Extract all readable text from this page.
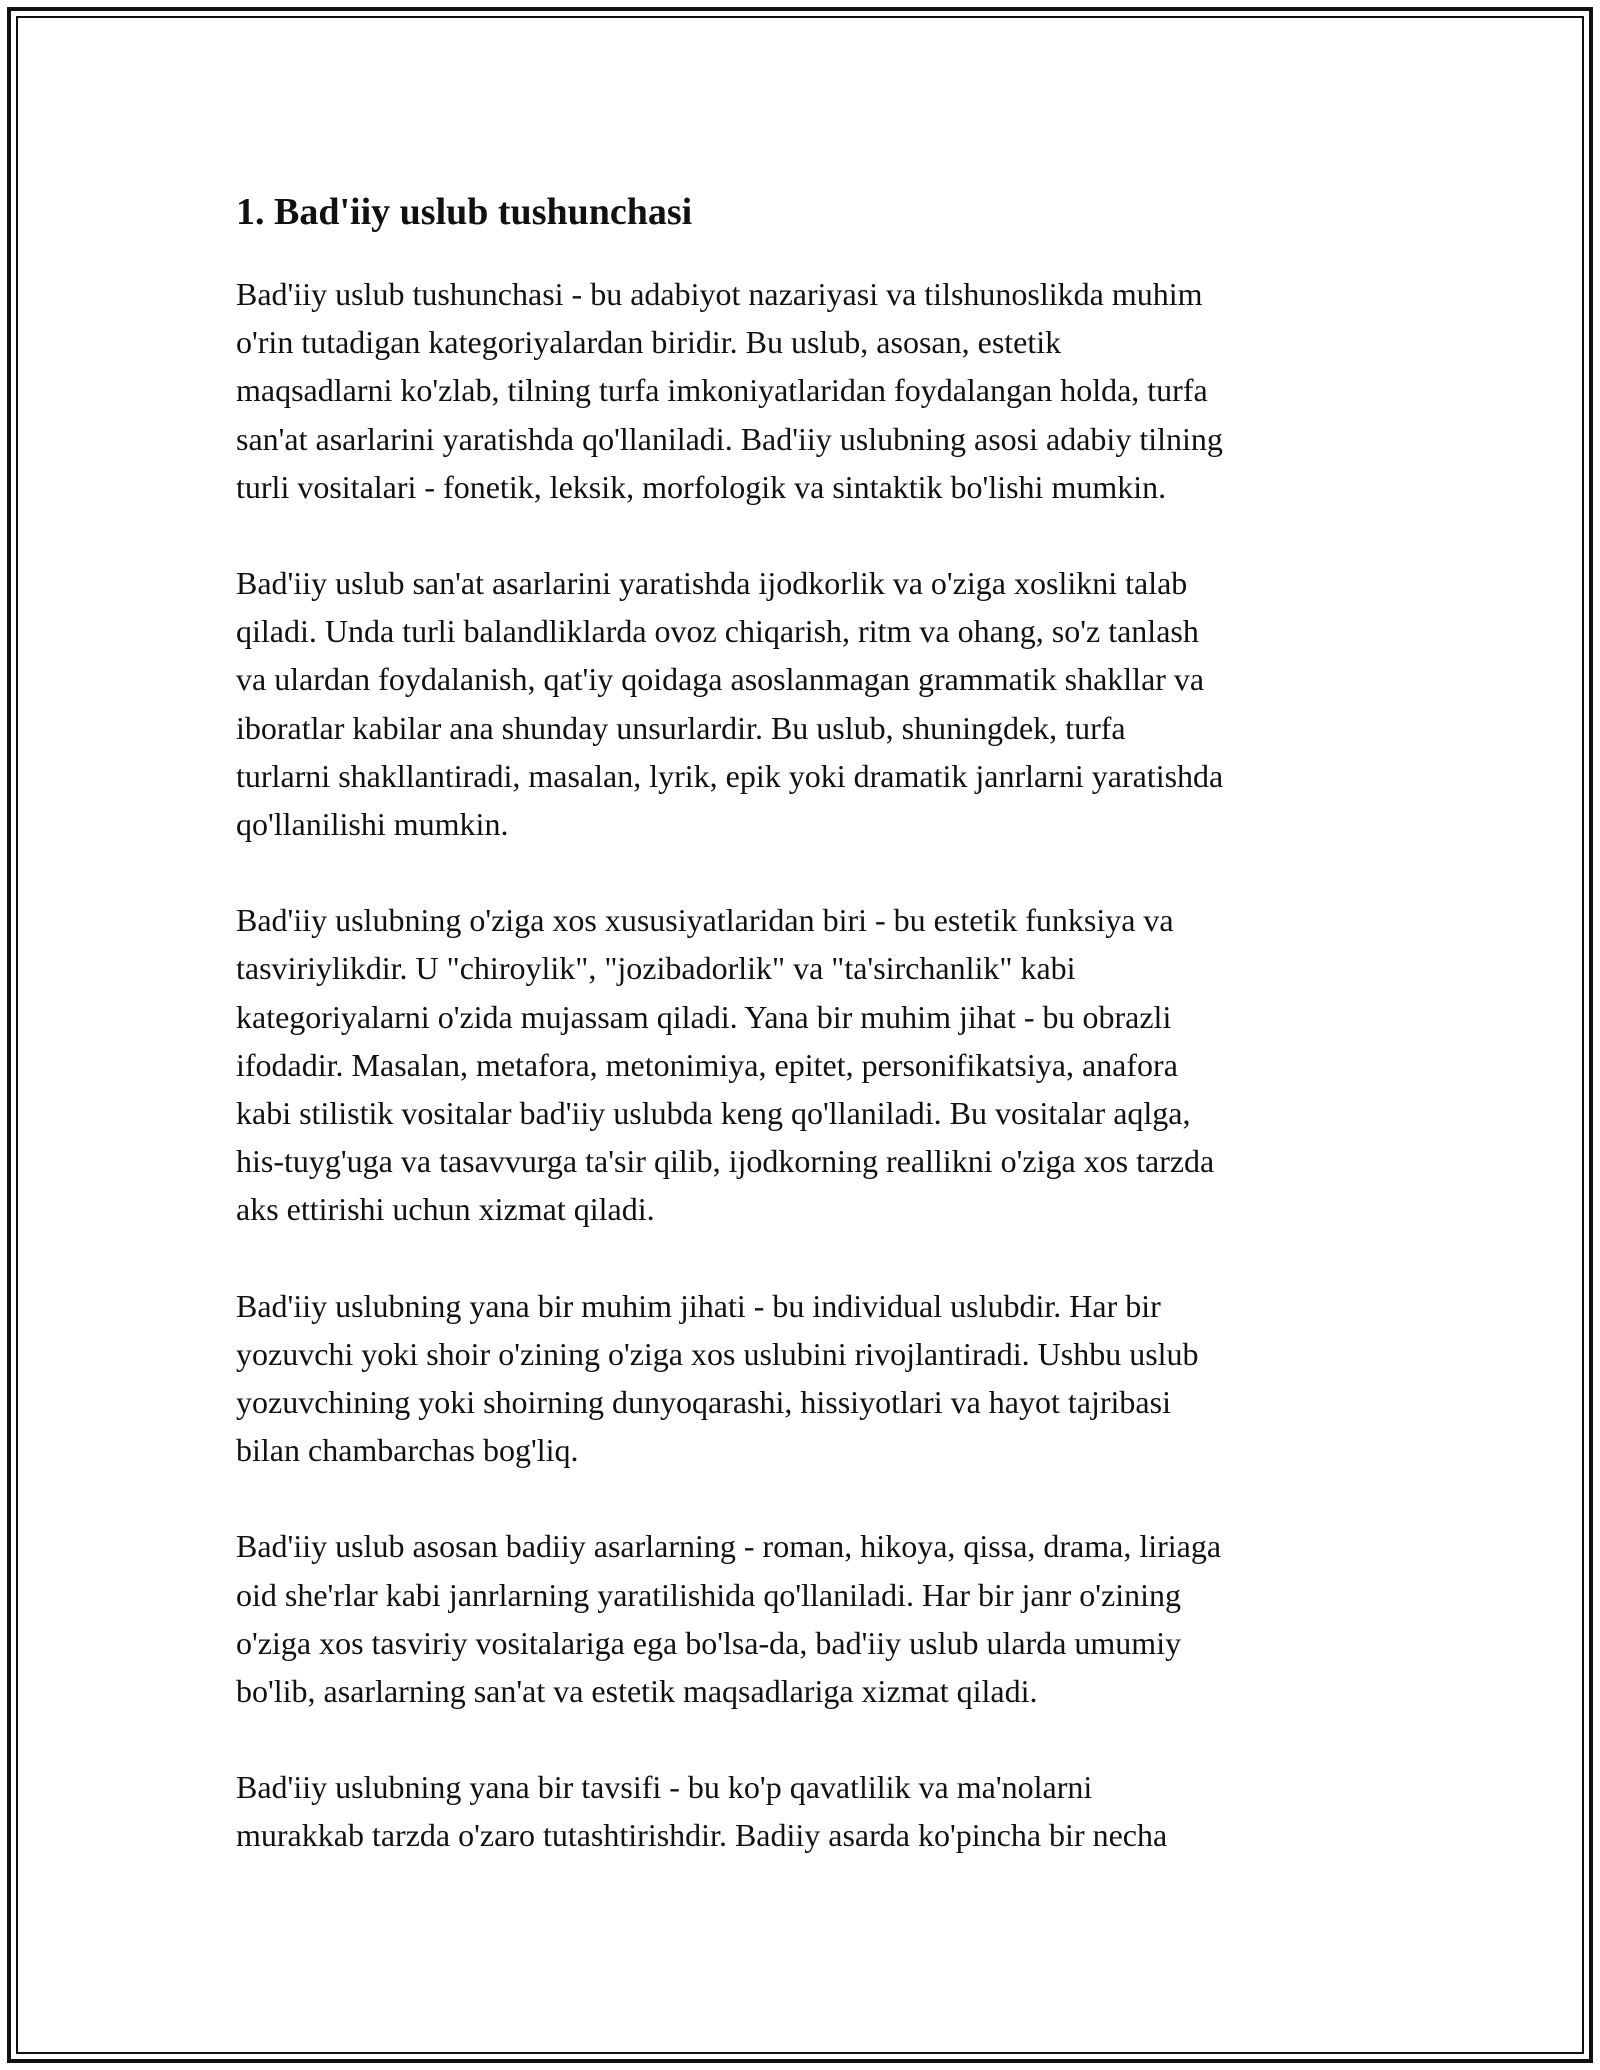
1. Bad'iiy uslub tushunchasi

Bad'iiy uslub tushunchasi - bu adabiyot nazariyasi va tilshunoslikda muhim
o'rin tutadigan kategoriyalardan biridir. Bu uslub, asosan, estetik
maqsadlarni ko'zlab, tilning turfa imkoniyatlaridan foydalangan holda, turfa
san'at asarlarini yaratishda qo'llaniladi. Bad'iiy uslubning asosi adabiy tilning
turli vositalari - fonetik, leksik, morfologik va sintaktik bo'lishi mumkin.

Bad'iiy uslub san'at asarlarini yaratishda ijodkorlik va o'ziga xoslikni talab
qiladi. Unda turli balandliklarda ovoz chiqarish, ritm va ohang, so'z tanlash
va ulardan foydalanish, qat'iy qoidaga asoslanmagan grammatik shakllar va
iboratlar kabilar ana shunday unsurlardir. Bu uslub, shuningdek, turfa
turlarni shakllantiradi, masalan, lyrik, epik yoki dramatik janrlarni yaratishda
qo'llanilishi mumkin.

Bad'iiy uslubning o'ziga xos xususiyatlaridan biri - bu estetik funksiya va
tasviriylikdir. U "chiroylik", "jozibadorlik" va "ta'sirchanlik" kabi
kategoriyalarni o'zida mujassam qiladi. Yana bir muhim jihat - bu obrazli
ifodadir. Masalan, metafora, metonimiya, epitet, personifikatsiya, anafora
kabi stilistik vositalar bad'iiy uslubda keng qo'llaniladi. Bu vositalar aqlga,
his-tuyg'uga va tasavvurga ta'sir qilib, ijodkorning reallikni o'ziga xos tarzda
aks ettirishi uchun xizmat qiladi.

Bad'iiy uslubning yana bir muhim jihati - bu individual uslubdir. Har bir
yozuvchi yoki shoir o'zining o'ziga xos uslubini rivojlantiradi. Ushbu uslub
yozuvchining yoki shoirning dunyoqarashi, hissiyotlari va hayot tajribasi
bilan chambarchas bog'liq.

Bad'iiy uslub asosan badiiy asarlarning - roman, hikoya, qissa, drama, liriaga
oid she'rlar kabi janrlarning yaratilishida qo'llaniladi. Har bir janr o'zining
o'ziga xos tasviriy vositalariga ega bo'lsa-da, bad'iiy uslub ularda umumiy
bo'lib, asarlarning san'at va estetik maqsadlariga xizmat qiladi.

Bad'iiy uslubning yana bir tavsifi - bu ko'p qavatlilik va ma'nolarni
murakkab tarzda o'zaro tutashtirishdir. Badiiy asarda ko'pincha bir necha
